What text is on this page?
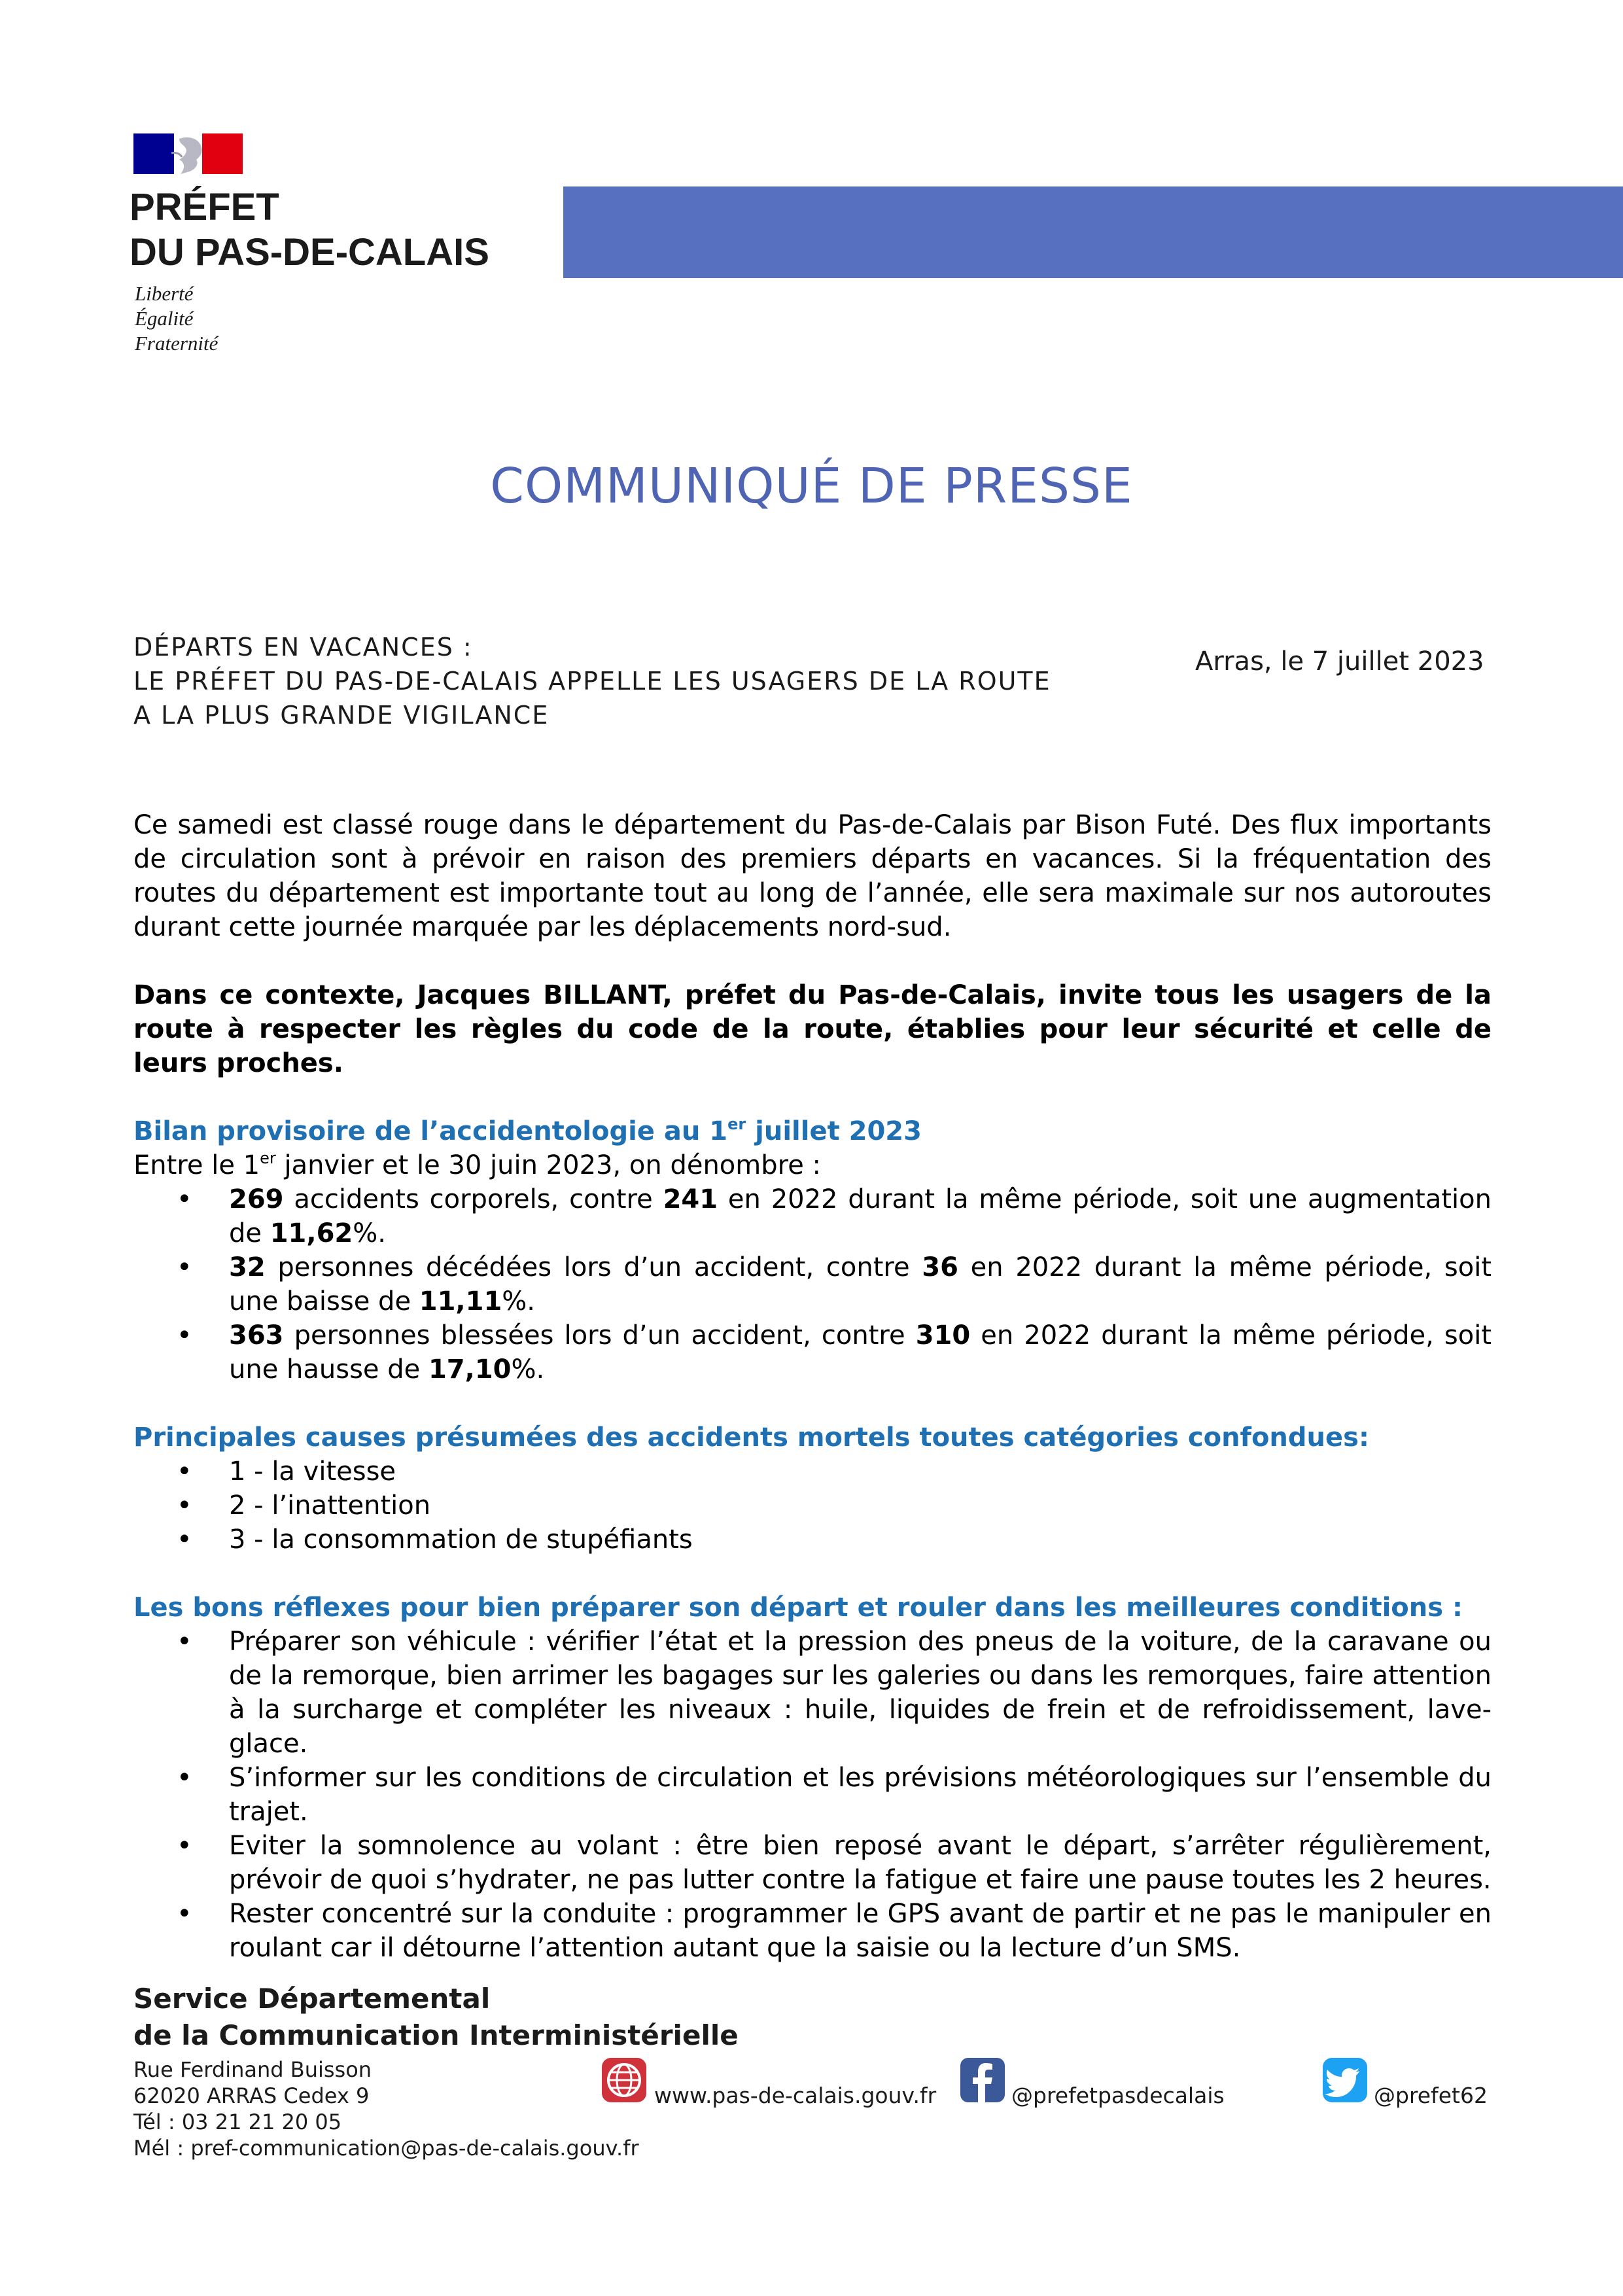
PRÉFET
DU PAS-DE-CALAIS
Liberté
Égalité
Fraternité
COMMUNIQUÉ DE PRESSE
DÉPARTS EN VACANCES :
LE PRÉFET DU PAS-DE-CALAIS APPELLE LES USAGERS DE LA ROUTE
A LA PLUS GRANDE VIGILANCE
Arras, le 7 juillet 2023

Ce samedi est classé rouge dans le département du Pas-de-Calais par Bison Futé. Des flux importants de circulation sont à prévoir en raison des premiers départs en vacances. Si la fréquentation des routes du département est importante tout au long de l’année, elle sera maximale sur nos autoroutes durant cette journée marquée par les déplacements nord-sud.

Dans ce contexte, Jacques BILLANT, préfet du Pas-de-Calais, invite tous les usagers de la route à respecter les règles du code de la route, établies pour leur sécurité et celle de leurs proches.

Bilan provisoire de l’accidentologie au 1er juillet 2023

Entre le 1er janvier et le 30 juin 2023, on dénombre :

• 269 accidents corporels, contre 241 en 2022 durant la même période, soit une augmentation de 11,62%.
• 32 personnes décédées lors d’un accident, contre 36 en 2022 durant la même période, soit une baisse de 11,11%.
• 363 personnes blessées lors d’un accident, contre 310 en 2022 durant la même période, soit une hausse de 17,10%.

Principales causes présumées des accidents mortels toutes catégories confondues:

• 1 - la vitesse
• 2 - l’inattention
• 3 - la consommation de stupéfiants

Les bons réflexes pour bien préparer son départ et rouler dans les meilleures conditions :

• Préparer son véhicule : vérifier l’état et la pression des pneus de la voiture, de la caravane ou de la remorque, bien arrimer les bagages sur les galeries ou dans les remorques, faire attention à la surcharge et compléter les niveaux : huile, liquides de frein et de refroidissement, lave-glace.
• S’informer sur les conditions de circulation et les prévisions météorologiques sur l’ensemble du trajet.
• Eviter la somnolence au volant : être bien reposé avant le départ, s’arrêter régulièrement, prévoir de quoi s’hydrater, ne pas lutter contre la fatigue et faire une pause toutes les 2 heures.
• Rester concentré sur la conduite : programmer le GPS avant de partir et ne pas le manipuler en roulant car il détourne l’attention autant que la saisie ou la lecture d’un SMS.
Service Départemental
de la Communication Interministérielle
Rue Ferdinand Buisson
62020 ARRAS Cedex 9
Tél : 03 21 21 20 05
Mél : pref-communication@pas-de-calais.gouv.fr
www.pas-de-calais.gouv.fr	@prefetpasdecalais	@prefet62
